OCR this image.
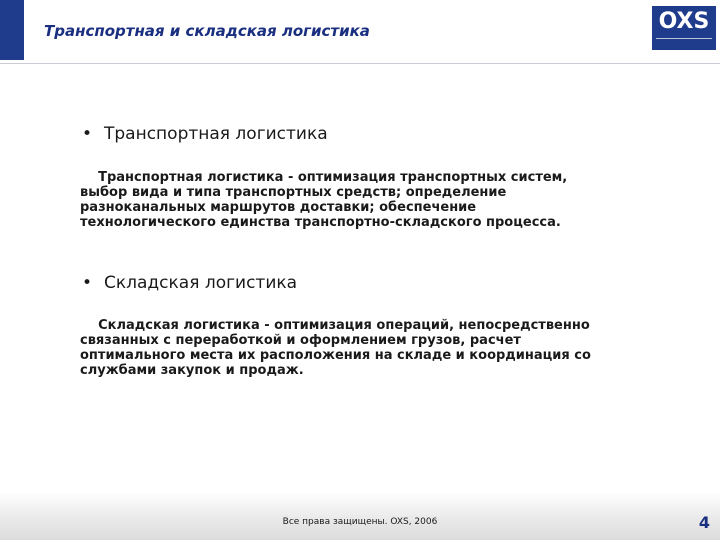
Транспортная и складская логистика	OXS
• Транспортная логистика
Транспортная логистика - оптимизация транспортных систем,
выбор вида и типа транспортных средств; определение
разноканальных маршрутов доставки; обеспечение
технологического единства транспортно-складского процесса.
• Складская логистика
Складская логистика - оптимизация операций, непосредственно
связанных с переработкой и оформлением грузов, расчет
оптимального места их расположения на складе и координация со
службами закупок и продаж.
Все права защищены. OXS, 2006	4
